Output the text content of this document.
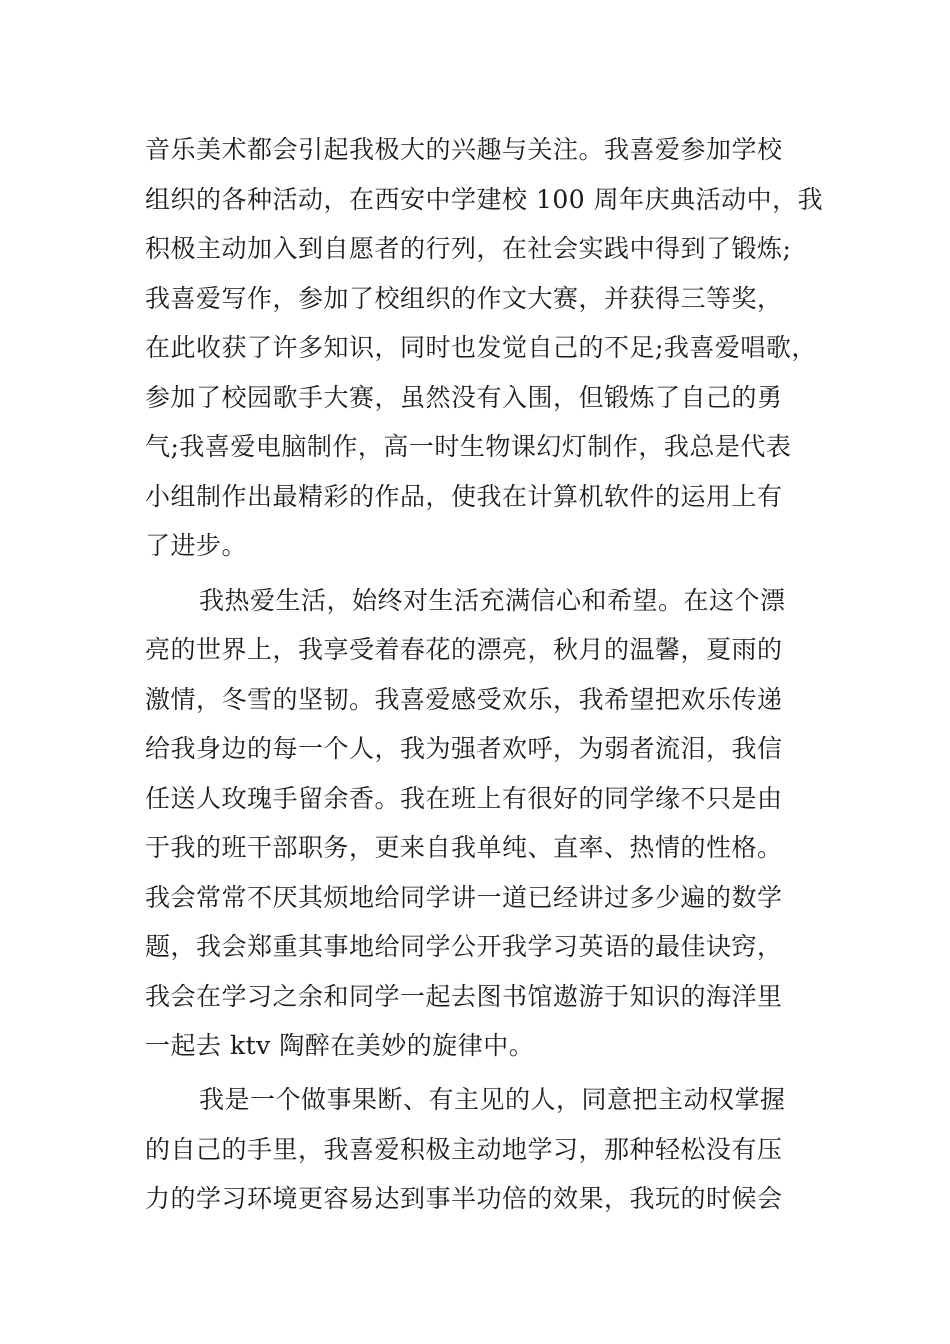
音乐美术都会引起我极大的兴趣与关注。我喜爱参加学校
组织的各种活动，在西安中学建校 100 周年庆典活动中，我
积极主动加入到自愿者的行列，在社会实践中得到了锻炼;
我喜爱写作，参加了校组织的作文大赛，并获得三等奖，
在此收获了许多知识，同时也发觉自己的不足;我喜爱唱歌，
参加了校园歌手大赛，虽然没有入围，但锻炼了自己的勇
气;我喜爱电脑制作，高一时生物课幻灯制作，我总是代表
小组制作出最精彩的作品，使我在计算机软件的运用上有
了进步。
我热爱生活，始终对生活充满信心和希望。在这个漂
亮的世界上，我享受着春花的漂亮，秋月的温馨，夏雨的
激情，冬雪的坚韧。我喜爱感受欢乐，我希望把欢乐传递
给我身边的每一个人，我为强者欢呼，为弱者流泪，我信
任送人玫瑰手留余香。我在班上有很好的同学缘不只是由
于我的班干部职务，更来自我单纯、直率、热情的性格。
我会常常不厌其烦地给同学讲一道已经讲过多少遍的数学
题，我会郑重其事地给同学公开我学习英语的最佳诀窍，
我会在学习之余和同学一起去图书馆遨游于知识的海洋里
一起去 ktv 陶醉在美妙的旋律中。
我是一个做事果断、有主见的人，同意把主动权掌握
的自己的手里，我喜爱积极主动地学习，那种轻松没有压
力的学习环境更容易达到事半功倍的效果，我玩的时候会
